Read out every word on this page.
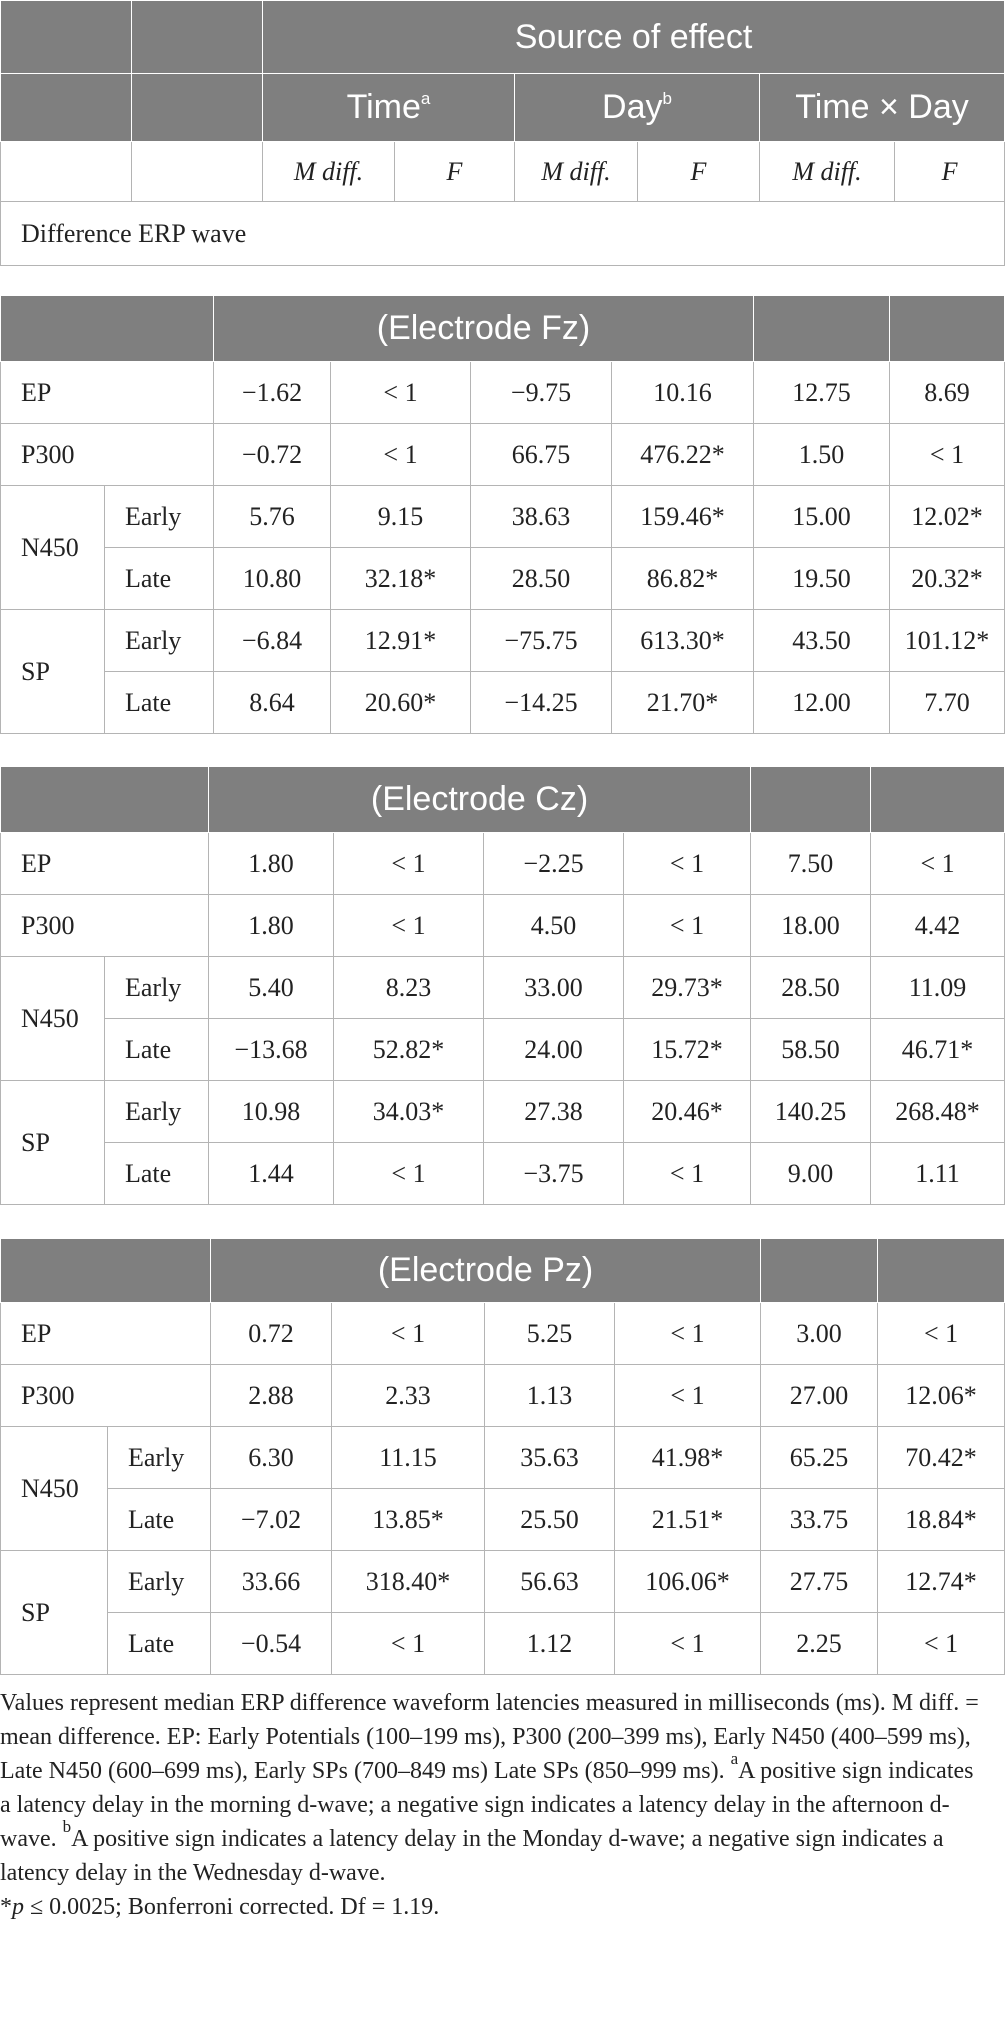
		Source of effect					
		Time$^a$		Day$^b$		Time × Day	
		M diff.	F	M diff.	F	M diff.	F
Difference ERP wave							
		(Electrode Fz)					
EP		−1.62	< 1	−9.75	10.16	12.75	8.69
P300		−0.72	< 1	66.75	476.22*	1.50	< 1
N450	Early	5.76	9.15	38.63	159.46*	15.00	12.02*
	Late	10.80	32.18*	28.50	86.82*	19.50	20.32*
SP	Early	−6.84	12.91*	−75.75	613.30*	43.50	101.12*
	Late	8.64	20.60*	−14.25	21.70*	12.00	7.70
		(Electrode Cz)					
EP		1.80	< 1	−2.25	< 1	7.50	< 1
P300		1.80	< 1	4.50	< 1	18.00	4.42
N450	Early	5.40	8.23	33.00	29.73*	28.50	11.09
	Late	−13.68	52.82*	24.00	15.72*	58.50	46.71*
SP	Early	10.98	34.03*	27.38	20.46*	140.25	268.48*
	Late	1.44	< 1	−3.75	< 1	9.00	1.11
		(Electrode Pz)					
EP		0.72	< 1	5.25	< 1	3.00	< 1
P300		2.88	2.33	1.13	< 1	27.00	12.06*
N450	Early	6.30	11.15	35.63	41.98*	65.25	70.42*
	Late	−7.02	13.85*	25.50	21.51*	33.75	18.84*
SP	Early	33.66	318.40*	56.63	106.06*	27.75	12.74*
	Late	−0.54	< 1	1.12	< 1	2.25	< 1

Values represent median ERP difference waveform latencies measured in milliseconds (ms). M diff. = mean difference. EP: Early Potentials (100–199 ms), P300 (200–399 ms), Early N450 (400–599 ms), Late N450 (600–699 ms), Early SPs (700–849 ms) Late SPs (850–999 ms). $^a$A positive sign indicates a latency delay in the morning d-wave; a negative sign indicates a latency delay in the afternoon d-wave. $^b$A positive sign indicates a latency delay in the Monday d-wave; a negative sign indicates a latency delay in the Wednesday d-wave.

*p ≤ 0.0025; Bonferroni corrected. Df = 1.19.
